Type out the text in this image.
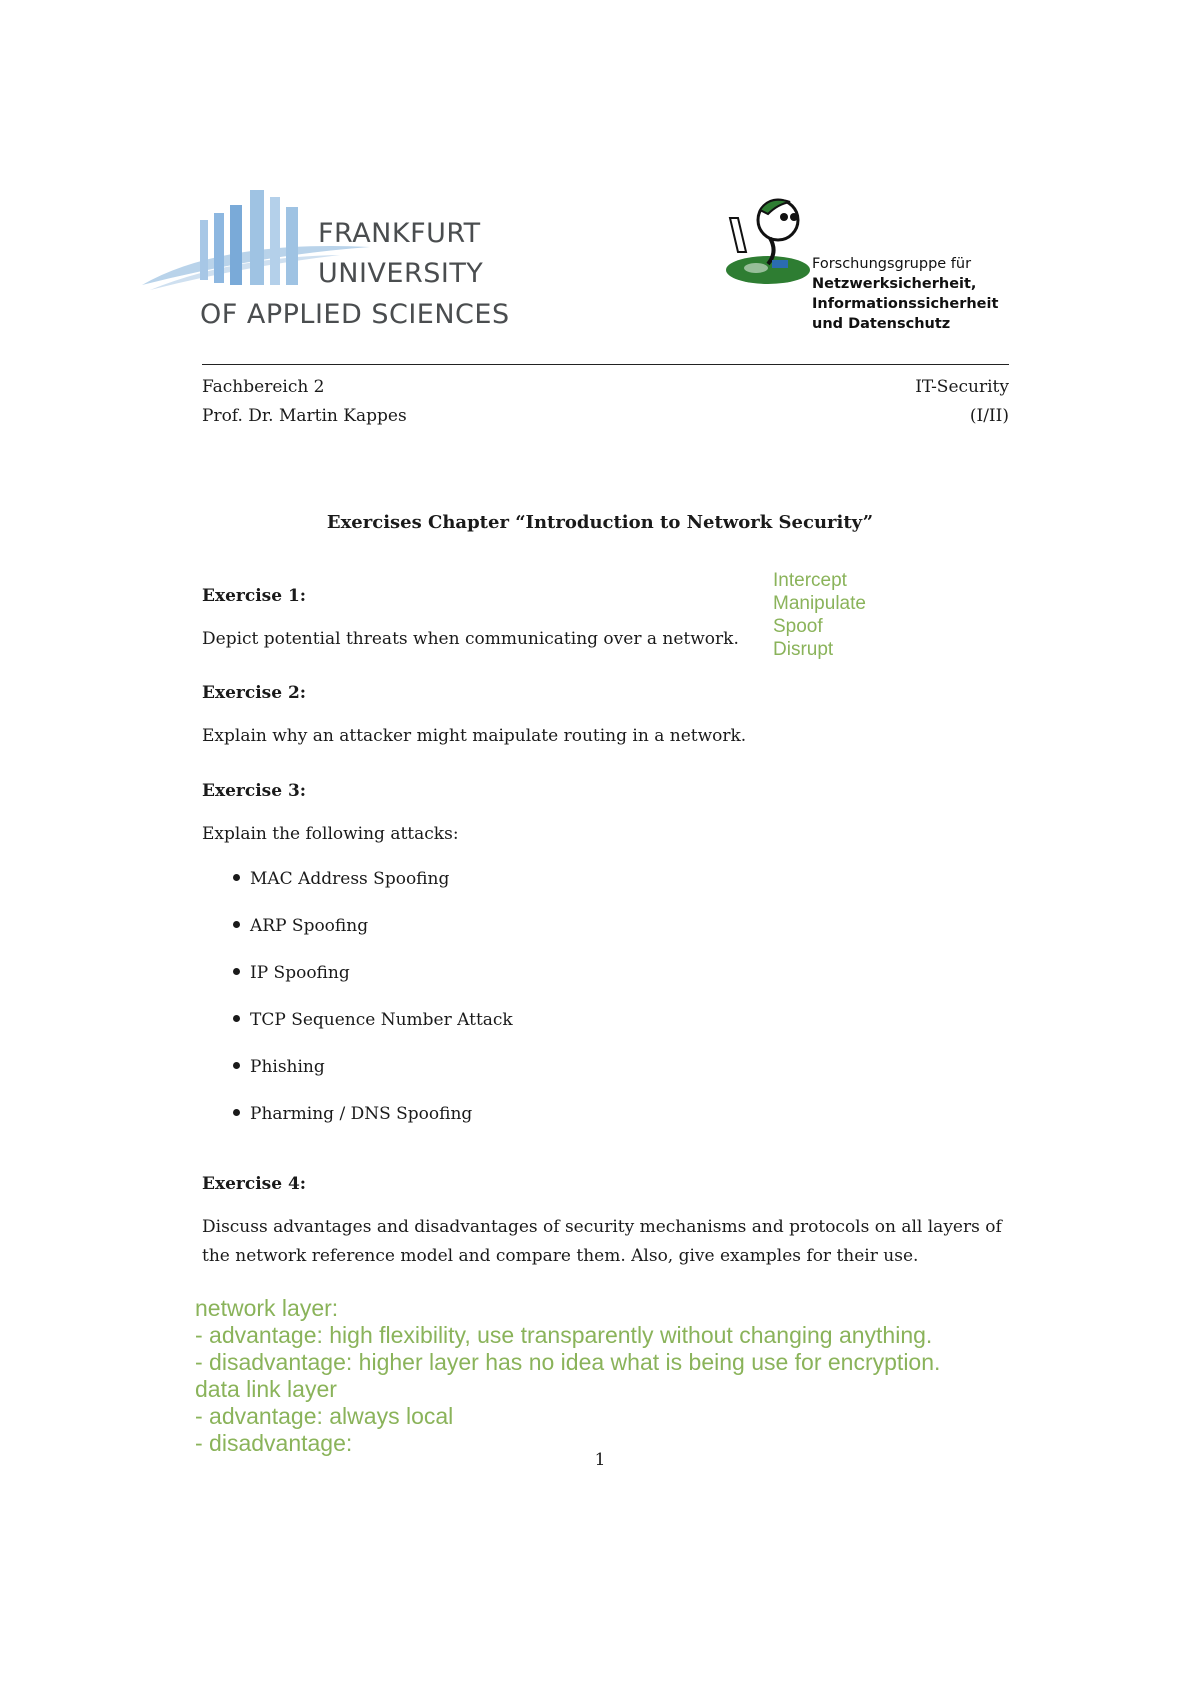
FRANKFURT
UNIVERSITY
OF APPLIED SCIENCES
Forschungsgruppe für
Netzwerksicherheit,
Informationssicherheit
und Datenschutz
Fachbereich 2
Prof. Dr. Martin Kappes
IT-Security
(I/II)
Exercises Chapter “Introduction to Network Security”
Exercise 1:
Depict potential threats when communicating over a network.
Intercept
Manipulate
Spoof
Disrupt
Exercise 2:
Explain why an attacker might maipulate routing in a network.
Exercise 3:
Explain the following attacks:
MAC Address Spoofing
ARP Spoofing
IP Spoofing
TCP Sequence Number Attack
Phishing
Pharming / DNS Spoofing
Exercise 4:
Discuss advantages and disadvantages of security mechanisms and protocols on all layers of
the network reference model and compare them. Also, give examples for their use.
network layer:
- advantage: high flexibility, use transparently without changing anything.
- disadvantage: higher layer has no idea what is being use for encryption.
data link layer
- advantage: always local
- disadvantage:
1
